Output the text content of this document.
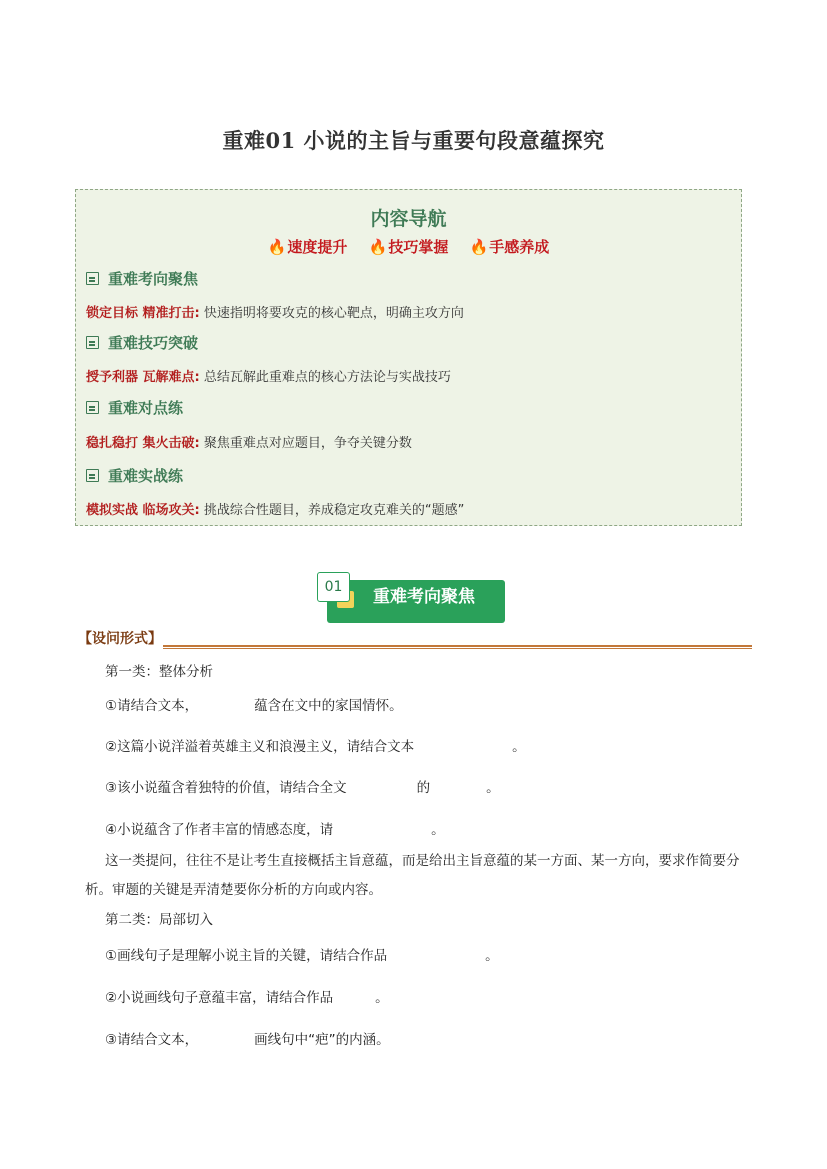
重难01 小说的主旨与重要句段意蕴探究
内容导航
🔥速度提升 🔥技巧掌握 🔥手感养成
重难考向聚焦
锁定目标 精准打击: 快速指明将要攻克的核心靶点，明确主攻方向
重难技巧突破
授予利器 瓦解难点: 总结瓦解此重难点的核心方法论与实战技巧
重难对点练
稳扎稳打 集火击破: 聚焦重难点对应题目，争夺关键分数
重难实战练
模拟实战 临场攻关: 挑战综合性题目，养成稳定攻克难关的“题感”
01	重难考向聚焦
【设问形式】
第一类：整体分析
①请结合文本，	蕴含在文中的家国情怀。
②这篇小说洋溢着英雄主义和浪漫主义，请结合文本	。
③该小说蕴含着独特的价值，请结合全文	的	。
④小说蕴含了作者丰富的情感态度，请	。
这一类提问，往往不是让考生直接概括主旨意蕴，而是给出主旨意蕴的某一方面、某一方向，要求作简要分析。审题的关键是弄清楚要你分析的方向或内容。
第二类：局部切入
①画线句子是理解小说主旨的关键，请结合作品	。
②小说画线句子意蕴丰富，请结合作品	。
③请结合文本，	画线句中“疤”的内涵。
